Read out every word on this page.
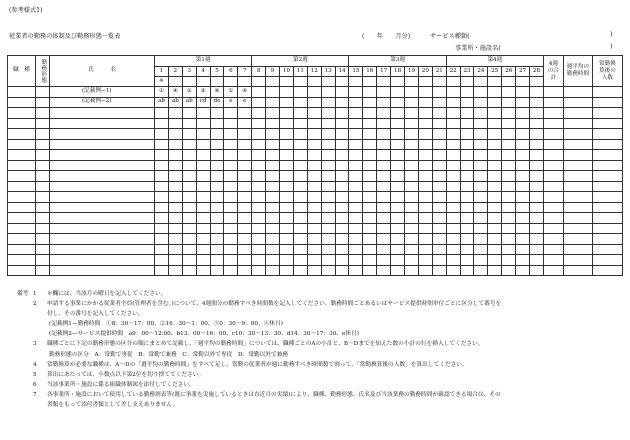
(参考様式1)
従業者の勤務の体制及び勤務形態一覧表	(　　年　　月分)	サービス種類(	)
事業所・施設名(	)
職　種	勤務形態	氏　　　名	第1週							第2週							第3週							第4週							4週の合計	週平均の勤務時間	常勤換算後の人数
			1	2	3	4	5	6	7	8	9	10	11	12	13	14	15	16	17	18	19	20	21	22	23	24	25	26	27	28			
			※																														
		(記載例−1)	①	④	①	②	④	①	④																								
		(記載例−2)	ab	ab	ab	cd	de	e	e																								

備考 1	＊欄には、当該月の曜日を記入してください。
2	申請する事業にかかる従業者全員(管理者を含む。)について、4週間分の勤務すべき時間数を記入してください。勤務時間ごとあるいはサービス提供時間単位ごとに区分して番号を
付し、その番号を記入してください。
(記載例1—勤務時間　①8：30～17：00、②16：30～1：00、③0：30～9：00、④休日)
(記載例2—サービス提供時間　a9：00～12:00、b13：00～16：00、c10：30～13：30、d14：30～17：30、e休日)
3	職種ごとに下記の勤務形態の区分の順にまとめて記載し、「週平均の勤務時間」については、職種ごとのAの小計と、B～Dまでを加えた数の小計の行を挿入してください。
勤務形態の区分　A：常勤で専従　B：常勤で兼務　C：常勤以外で専従　D：常勤以外で兼務
4	常勤換算が必要な職種は、A～Dの「週平均の勤務時間」をすべて足し、常勤の従業者が週に勤務すべき時間数で割って、「常勤換算後の人数」を算出してください。
5	算出にあたっては、小数点以下第2位を切り捨ててください。
6	当該事業所・施設に係る組織体制図を添付してください。
7	各事業所・施設において使用している勤務割表等(既に事業を実施しているときは直近月の実績)により、職種、勤務形態、氏名及び当該業務の勤務時間が確認できる場合は、その
書類をもって添付書類として差し支えありません。
